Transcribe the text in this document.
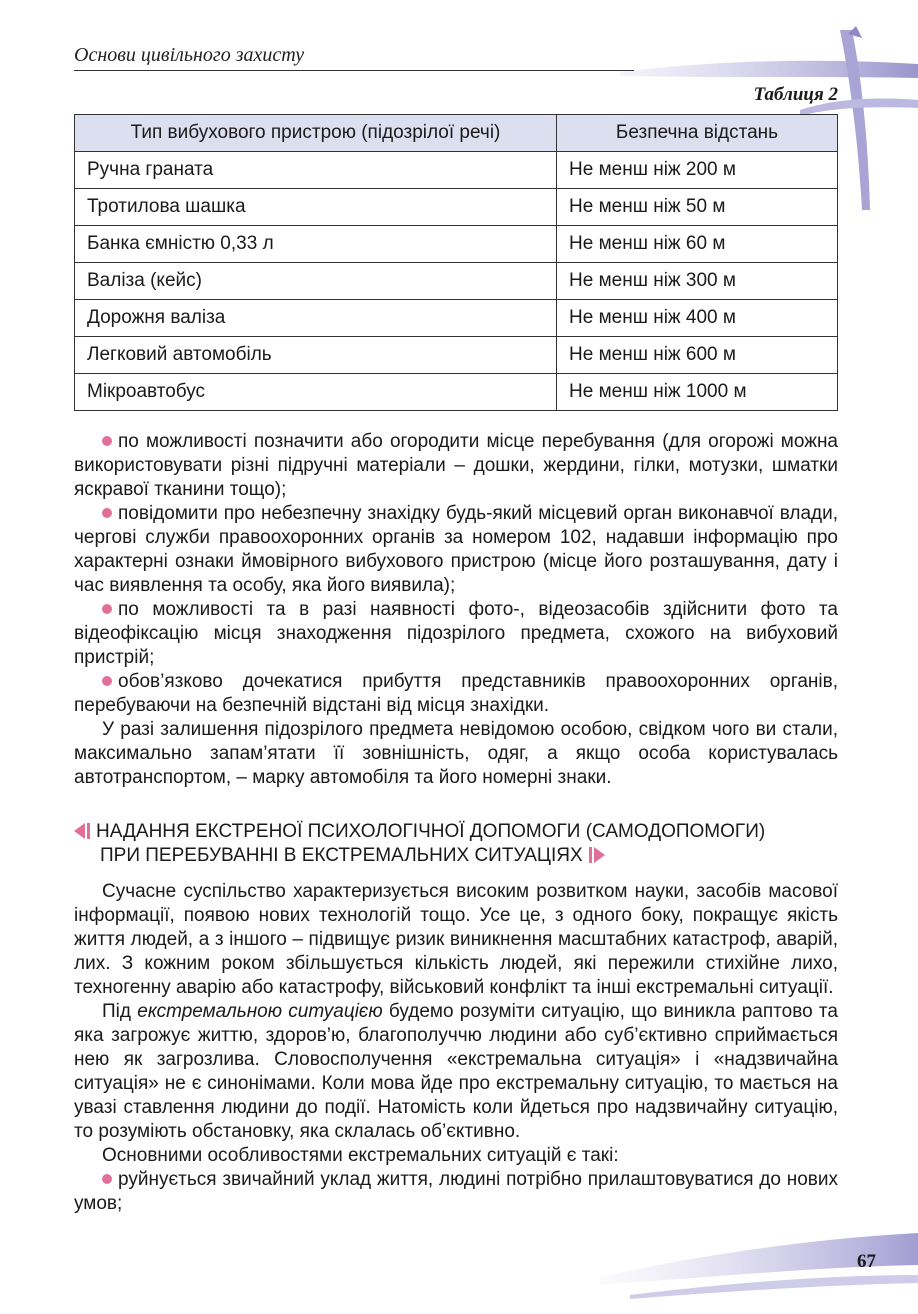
Основи цивільного захисту
Таблиця 2
Тип вибухового пристрою (підозрілої речі)	Безпечна відстань
Ручна граната	Не менш ніж 200 м
Тротилова шашка	Не менш ніж 50 м
Банка ємністю 0,33 л	Не менш ніж 60 м
Валіза (кейс)	Не менш ніж 300 м
Дорожня валіза	Не менш ніж 400 м
Легковий автомобіль	Не менш ніж 600 м
Мікроавтобус	Не менш ніж 1000 м

по можливості позначити або огородити місце перебування (для огорожі можна використовувати різні підручні матеріали – дошки, жердини, гілки, мотузки, шматки яскравої тканини тощо);

повідомити про небезпечну знахідку будь-який місцевий орган виконавчої влади, чергові служби правоохоронних органів за номером 102, надавши інформацію про характерні ознаки ймовірного вибухового пристрою (місце його розташування, дату і час виявлення та особу, яка його виявила);

по можливості та в разі наявності фото-, відеозасобів здійснити фото та відеофіксацію місця знаходження підозрілого предмета, схожого на вибуховий пристрій;

обов’язково дочекатися прибуття представників правоохоронних органів, перебуваючи на безпечній відстані від місця знахідки.

У разі залишення підозрілого предмета невідомою особою, свідком чого ви стали, максимально запам’ятати її зовнішність, одяг, а якщо особа користувалась автотранспортом, – марку автомобіля та його номерні знаки.

НАДАННЯ ЕКСТРЕНОЇ ПСИХОЛОГІЧНОЇ ДОПОМОГИ (САМОДОПОМОГИ)
ПРИ ПЕРЕБУВАННІ В ЕКСТРЕМАЛЬНИХ СИТУАЦІЯХ

Сучасне суспільство характеризується високим розвитком науки, засобів масової інформації, появою нових технологій тощо. Усе це, з одного боку, покращує якість життя людей, а з іншого – підвищує ризик виникнення масштабних катастроф, аварій, лих. З кожним роком збільшується кількість людей, які пережили стихійне лихо, техногенну аварію або катастрофу, військовий конфлікт та інші екстремальні ситуації.

Під екстремальною ситуацією будемо розуміти ситуацію, що виникла раптово та яка загрожує життю, здоров’ю, благополуччю людини або суб’єктивно сприймається нею як загрозлива. Словосполучення «екстремальна ситуація» і «надзвичайна ситуація» не є синонімами. Коли мова йде про екстремальну ситуацію, то мається на увазі ставлення людини до події. Натомість коли йдеться про надзвичайну ситуацію, то розуміють обстановку, яка склалась об’єктивно.

Основними особливостями екстремальних ситуацій є такі:

руйнується звичайний уклад життя, людині потрібно прилаштовуватися до нових умов;

67
